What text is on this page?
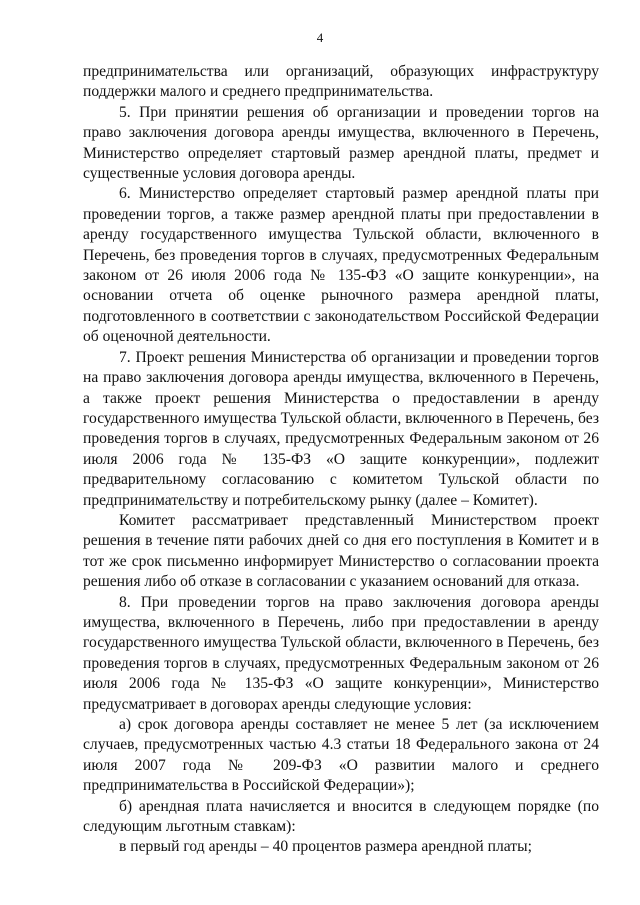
4

предпринимательства или организаций, образующих инфраструктуру поддержки малого и среднего предпринимательства.

5. При принятии решения об организации и проведении торгов на право заключения договора аренды имущества, включенного в Перечень, Министерство определяет стартовый размер арендной платы, предмет и существенные условия договора аренды.

6. Министерство определяет стартовый размер арендной платы при проведении торгов, а также размер арендной платы при предоставлении в аренду государственного имущества Тульской области, включенного в Перечень, без проведения торгов в случаях, предусмотренных Федеральным законом от 26 июля 2006 года № 135-ФЗ «О защите конкуренции», на основании отчета об оценке рыночного размера арендной платы, подготовленного в соответствии с законодательством Российской Федерации об оценочной деятельности.

7. Проект решения Министерства об организации и проведении торгов на право заключения договора аренды имущества, включенного в Перечень, а также проект решения Министерства о предоставлении в аренду государственного имущества Тульской области, включенного в Перечень, без проведения торгов в случаях, предусмотренных Федеральным законом от 26 июля 2006 года № 135-ФЗ «О защите конкуренции», подлежит предварительному согласованию с комитетом Тульской области по предпринимательству и потребительскому рынку (далее – Комитет).

Комитет рассматривает представленный Министерством проект решения в течение пяти рабочих дней со дня его поступления в Комитет и в тот же срок письменно информирует Министерство о согласовании проекта решения либо об отказе в согласовании с указанием оснований для отказа.

8. При проведении торгов на право заключения договора аренды имущества, включенного в Перечень, либо при предоставлении в аренду государственного имущества Тульской области, включенного в Перечень, без проведения торгов в случаях, предусмотренных Федеральным законом от 26 июля 2006 года № 135-ФЗ «О защите конкуренции», Министерство предусматривает в договорах аренды следующие условия:

а) срок договора аренды составляет не менее 5 лет (за исключением случаев, предусмотренных частью 4.3 статьи 18 Федерального закона от 24 июля 2007 года № 209-ФЗ «О развитии малого и среднего предпринимательства в Российской Федерации»);

б) арендная плата начисляется и вносится в следующем порядке (по следующим льготным ставкам):

в первый год аренды – 40 процентов размера арендной платы;
